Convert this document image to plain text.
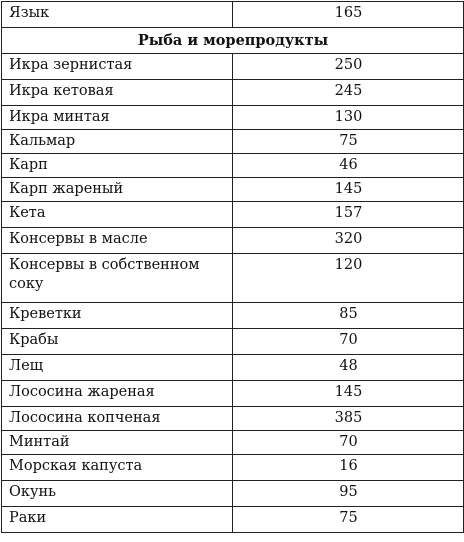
Язык	165
Рыба и морепродукты	
Икра зернистая	250
Икра кетовая	245
Икра минтая	130
Кальмар	75
Карп	46
Карп жареный	145
Кета	157
Консервы в масле	320
Консервы в собственном соку	120
Креветки	85
Крабы	70
Лещ	48
Лососина жареная	145
Лососина копченая	385
Минтай	70
Морская капуста	16
Окунь	95
Раки	75
